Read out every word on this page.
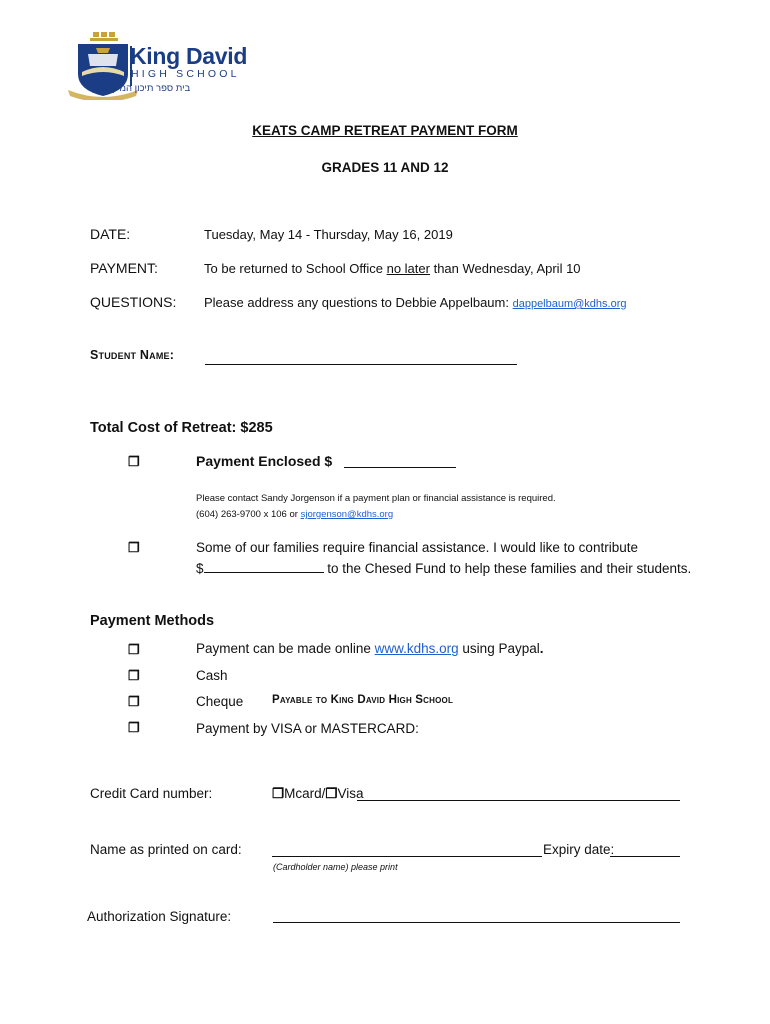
King David
HIGH SCHOOL
בית ספר תיכון המלך דוד
KEATS CAMP RETREAT PAYMENT FORM
GRADES 11 AND 12
DATE:	Tuesday, May 14 - Thursday, May 16, 2019
PAYMENT:	To be returned to School Office no later than Wednesday, April 10
QUESTIONS: Please address any questions to Debbie Appelbaum: dappelbaum@kdhs.org
Student Name:
Total Cost of Retreat: $285
❐	Payment Enclosed $
Please contact Sandy Jorgenson if a payment plan or financial assistance is required.
(604) 263-9700 x 106 or sjorgenson@kdhs.org
❐	Some of our families require financial assistance. I would like to contribute
$	to the Chesed Fund to help these families and their students.
Payment Methods
❐	Payment can be made online www.kdhs.org using Paypal.
❐	Cash
❐	Cheque Payable to King David High School
❐	Payment by VISA or MASTERCARD:
Credit Card number:	❐Mcard/❐Visa
Name as printed on card:	Expiry date:
(Cardholder name) please print
Authorization Signature:
